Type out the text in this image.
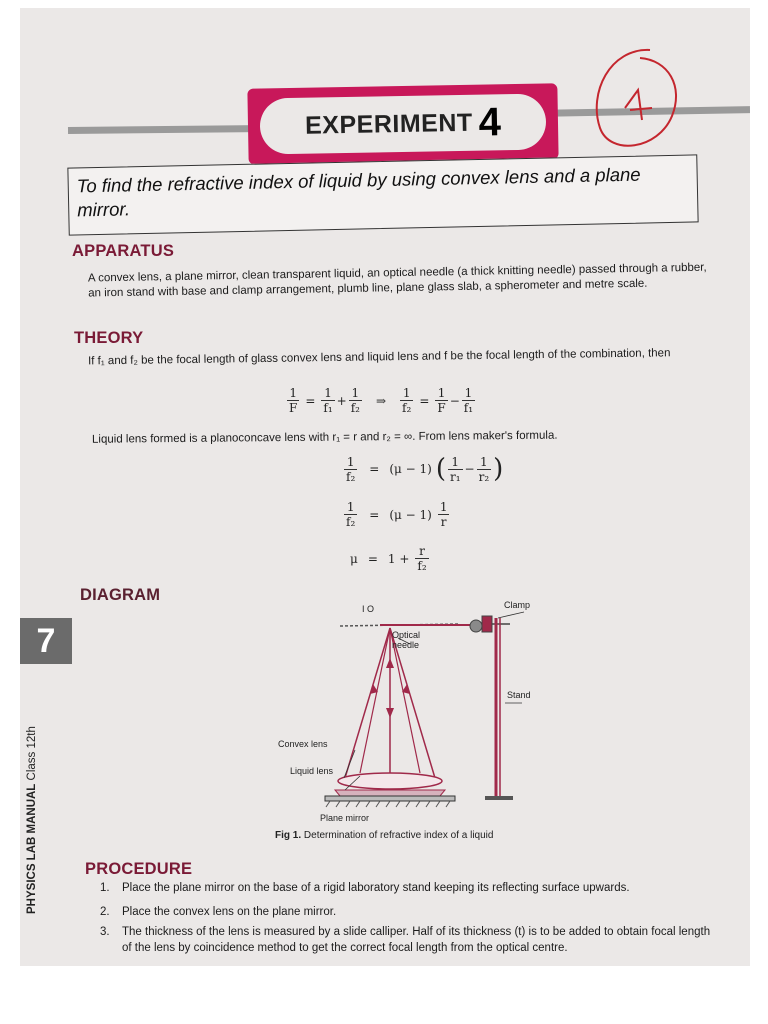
EXPERIMENT 4
To find the refractive index of liquid by using convex lens and a plane mirror.
APPARATUS
A convex lens, a plane mirror, clean transparent liquid, an optical needle (a thick knitting needle) passed through a rubber, an iron stand with base and clamp arrangement, plumb line, plane glass slab, a spherometer and metre scale.
THEORY
If f₁ and f₂ be the focal length of glass convex lens and liquid lens and f be the focal length of the combination, then
$\frac{1}{F} = \frac{1}{\text{f₁}} + \frac{1}{\text{f₂}}$ ⇒ $\frac{1}{\text{f₂}} = \frac{1}{F} - \frac{1}{\text{f₁}}$
Liquid lens formed is a planoconcave lens with r₁ = r and r₂ = ∞. From lens maker's formula.
$\frac{1}{\text{f₂}} = (\mu - 1)$ ( $\frac{1}{\text{r₁}} - \frac{1}{\text{r₂}}$ )
$\frac{1}{\text{f₂}} = (\mu - 1) \frac{1}{r}$
$\mu = 1 + \frac{r}{\text{f₂}}$
DIAGRAM
7
PHYSICS LAB MANUAL Class 12th
I O	Clamp
Optical needle
Stand
Convex lens
Liquid lens
Plane mirror
Fig 1. Determination of refractive index of a liquid
PROCEDURE
1. Place the plane mirror on the base of a rigid laboratory stand keeping its reflecting surface upwards.
2. Place the convex lens on the plane mirror.
3.	The thickness of the lens is measured by a slide calliper. Half of its thickness (t) is to be added to obtain focal length of the lens by coincidence method to get the correct focal length from the optical centre.
